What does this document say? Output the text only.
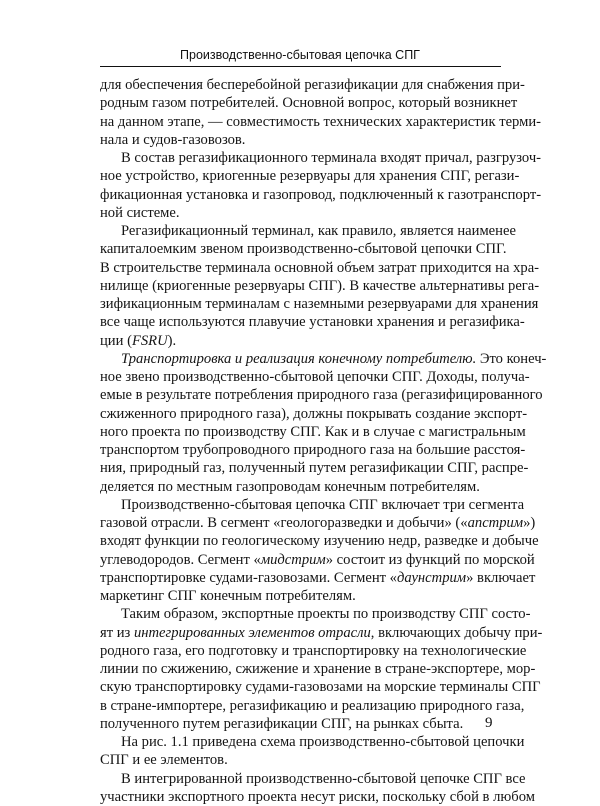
Производственно-сбытовая цепочка СПГ
для обеспечения бесперебойной регазификации для снабжения при-
родным газом потребителей. Основной вопрос, который возникнет
на данном этапе, — совместимость технических характеристик терми-
нала и судов-газовозов.
В состав регазификационного терминала входят причал, разгрузоч-
ное устройство, криогенные резервуары для хранения СПГ, регази-
фикационная установка и газопровод, подключенный к газотранспорт-
ной системе.
Регазификационный терминал, как правило, является наименее
капиталоемким звеном производственно-сбытовой цепочки СПГ.
В строительстве терминала основной объем затрат приходится на хра-
нилище (криогенные резервуары СПГ). В качестве альтернативы рега-
зификационным терминалам с наземными резервуарами для хранения
все чаще используются плавучие установки хранения и регазифика-
ции (FSRU).
Транспортировка и реализация конечному потребителю. Это конеч-
ное звено производственно-сбытовой цепочки СПГ. Доходы, получа-
емые в результате потребления природного газа (регазифицированного
сжиженного природного газа), должны покрывать создание экспорт-
ного проекта по производству СПГ. Как и в случае с магистральным
транспортом трубопроводного природного газа на большие расстоя-
ния, природный газ, полученный путем регазификации СПГ, распре-
деляется по местным газопроводам конечным потребителям.
Производственно-сбытовая цепочка СПГ включает три сегмента
газовой отрасли. В сегмент «геологоразведки и добычи» («апстрим»)
входят функции по геологическому изучению недр, разведке и добыче
углеводородов. Сегмент «мидстрим» состоит из функций по морской
транспортировке судами-газовозами. Сегмент «даунстрим» включает
маркетинг СПГ конечным потребителям.
Таким образом, экспортные проекты по производству СПГ состо-
ят из интегрированных элементов отрасли, включающих добычу при-
родного газа, его подготовку и транспортировку на технологические
линии по сжижению, сжижение и хранение в стране-экспортере, мор-
скую транспортировку судами-газовозами на морские терминалы СПГ
в стране-импортере, регазификацию и реализацию природного газа,
полученного путем регазификации СПГ, на рынках сбыта.
На рис. 1.1 приведена схема производственно-сбытовой цепочки
СПГ и ее элементов.
В интегрированной производственно-сбытовой цепочке СПГ все
участники экспортного проекта несут риски, поскольку сбой в любом
9
